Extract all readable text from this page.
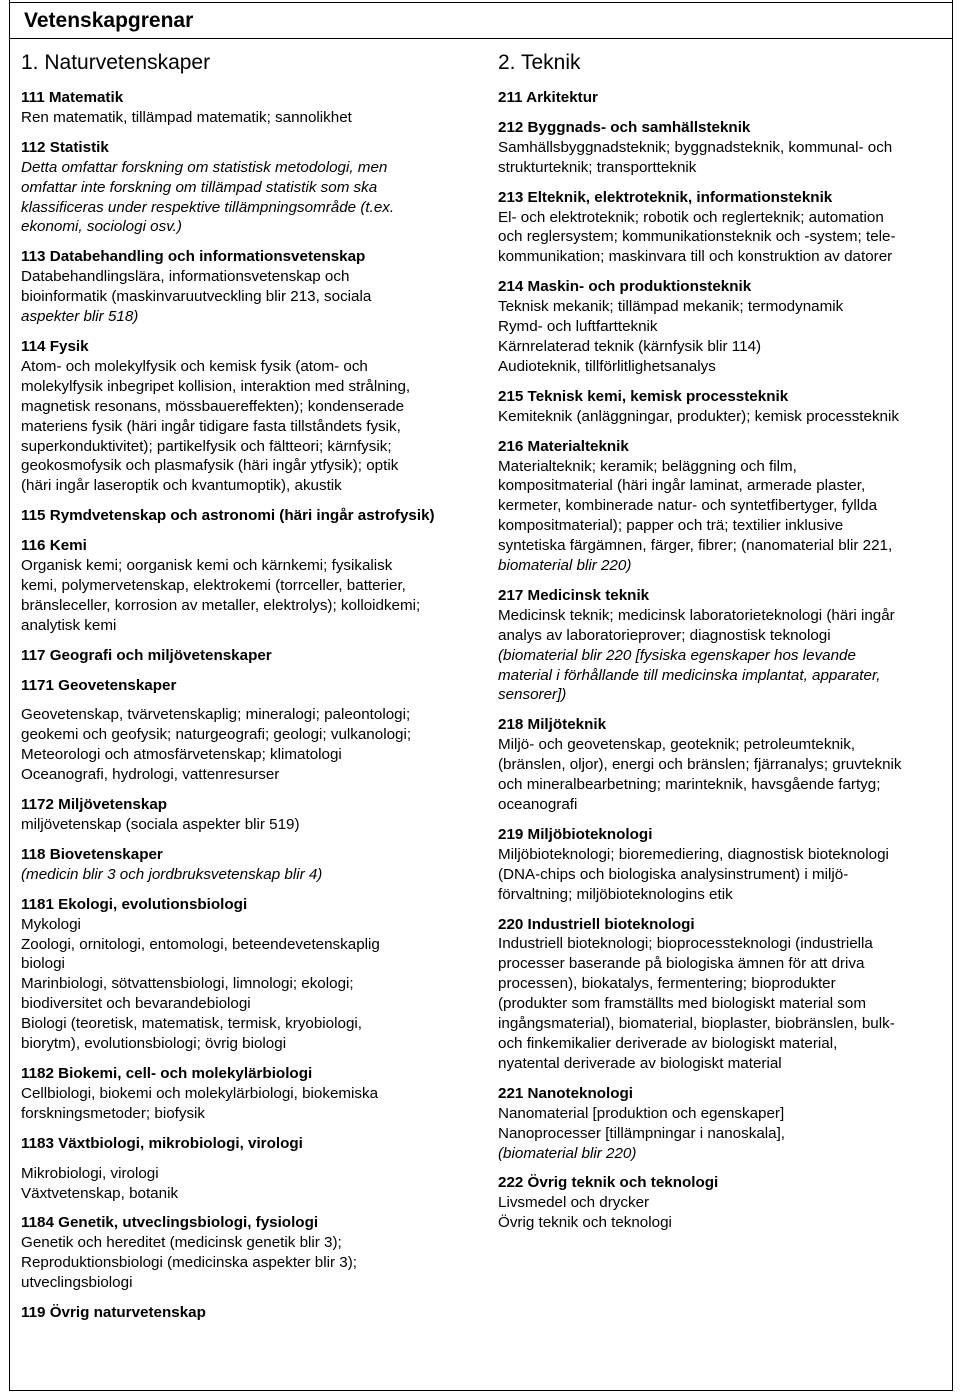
Vetenskapgrenar
1. Naturvetenskaper
111 Matematik
Ren matematik, tillämpad matematik; sannolikhet
112 Statistik
Detta omfattar forskning om statistisk metodologi, men
omfattar inte forskning om tillämpad statistik som ska
klassificeras under respektive tillämpningsområde (t.ex.
ekonomi, sociologi osv.)
113 Databehandling och informationsvetenskap
Databehandlingslära, informationsvetenskap och
bioinformatik (maskinvaruutveckling blir 213, sociala
aspekter blir 518)
114 Fysik
Atom- och molekylfysik och kemisk fysik (atom- och
molekylfysik inbegripet kollision, interaktion med strålning,
magnetisk resonans, mössbauereffekten); kondenserade
materiens fysik (häri ingår tidigare fasta tillståndets fysik,
superkonduktivitet); partikelfysik och fältteori; kärnfysik;
geokosmofysik och plasmafysik (häri ingår ytfysik); optik
(häri ingår laseroptik och kvantumoptik), akustik
115 Rymdvetenskap och astronomi (häri ingår astrofysik)
116 Kemi
Organisk kemi; oorganisk kemi och kärnkemi; fysikalisk
kemi, polymervetenskap, elektrokemi (torrceller, batterier,
bränsleceller, korrosion av metaller, elektrolys); kolloidkemi;
analytisk kemi
117 Geografi och miljövetenskaper
1171 Geovetenskaper
Geovetenskap, tvärvetenskaplig; mineralogi; paleontologi;
geokemi och geofysik; naturgeografi; geologi; vulkanologi;
Meteorologi och atmosfärvetenskap; klimatologi
Oceanografi, hydrologi, vattenresurser
1172 Miljövetenskap
miljövetenskap (sociala aspekter blir 519)
118 Biovetenskaper
(medicin blir 3 och jordbruksvetenskap blir 4)
1181 Ekologi, evolutionsbiologi
Mykologi
Zoologi, ornitologi, entomologi, beteendevetenskaplig
biologi
Marinbiologi, sötvattensbiologi, limnologi; ekologi;
biodiversitet och bevarandebiologi
Biologi (teoretisk, matematisk, termisk, kryobiologi,
biorytm), evolutionsbiologi; övrig biologi
1182 Biokemi, cell- och molekylärbiologi
Cellbiologi, biokemi och molekylärbiologi, biokemiska
forskningsmetoder; biofysik
1183 Växtbiologi, mikrobiologi, virologi
Mikrobiologi, virologi
Växtvetenskap, botanik
1184 Genetik, utveclingsbiologi, fysiologi
Genetik och hereditet (medicinsk genetik blir 3);
Reproduktionsbiologi (medicinska aspekter blir 3);
utveclingsbiologi
119 Övrig naturvetenskap
2. Teknik
211 Arkitektur
212 Byggnads- och samhällsteknik
Samhällsbyggnadsteknik; byggnadsteknik, kommunal- och
strukturteknik; transportteknik
213 Elteknik, elektroteknik, informationsteknik
El- och elektroteknik; robotik och reglerteknik; automation
och reglersystem; kommunikationsteknik och -system; tele-
kommunikation; maskinvara till och konstruktion av datorer
214 Maskin- och produktionsteknik
Teknisk mekanik; tillämpad mekanik; termodynamik
Rymd- och luftfartteknik
Kärnrelaterad teknik (kärnfysik blir 114)
Audioteknik, tillförlitlighetsanalys
215 Teknisk kemi, kemisk processteknik
Kemiteknik (anläggningar, produkter); kemisk processteknik
216 Materialteknik
Materialteknik; keramik; beläggning och film,
kompositmaterial (häri ingår laminat, armerade plaster,
kermeter, kombinerade natur- och syntetfibertyger, fyllda
kompositmaterial); papper och trä; textilier inklusive
syntetiska färgämnen, färger, fibrer; (nanomaterial blir 221,
biomaterial blir 220)
217 Medicinsk teknik
Medicinsk teknik; medicinsk laboratorieteknologi (häri ingår
analys av laboratorieprover; diagnostisk teknologi
(biomaterial blir 220 [fysiska egenskaper hos levande
material i förhållande till medicinska implantat, apparater,
sensorer])
218 Miljöteknik
Miljö- och geovetenskap, geoteknik; petroleumteknik,
(bränslen, oljor), energi och bränslen; fjärranalys; gruvteknik
och mineralbearbetning; marinteknik, havsgående fartyg;
oceanografi
219 Miljöbioteknologi
Miljöbioteknologi; bioremediering, diagnostisk bioteknologi
(DNA-chips och biologiska analysinstrument) i miljö-
förvaltning; miljöbioteknologins etik
220 Industriell bioteknologi
Industriell bioteknologi; bioprocessteknologi (industriella
processer baserande på biologiska ämnen för att driva
processen), biokatalys, fermentering; bioprodukter
(produkter som framställts med biologiskt material som
ingångsmaterial), biomaterial, bioplaster, biobränslen, bulk-
och finkemikalier deriverade av biologiskt material,
nyatental deriverade av biologiskt material
221 Nanoteknologi
Nanomaterial [produktion och egenskaper]
Nanoprocesser [tillämpningar i nanoskala],
(biomaterial blir 220)
222 Övrig teknik och teknologi
Livsmedel och drycker
Övrig teknik och teknologi
